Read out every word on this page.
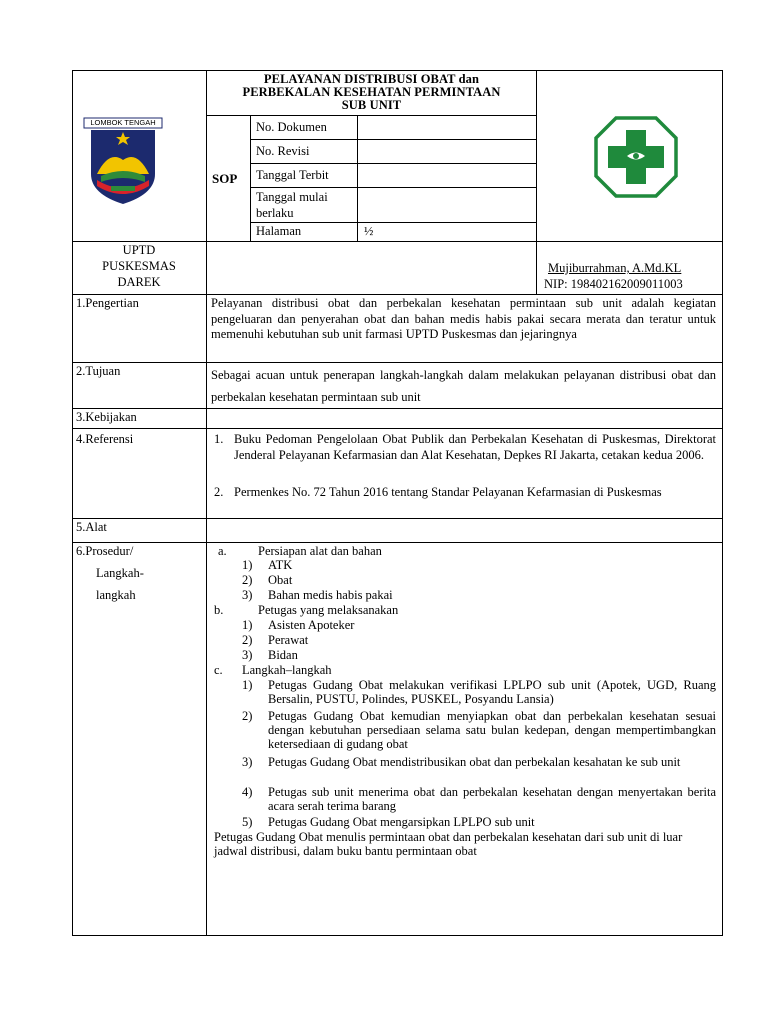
LOMBOK TENGAH
PELAYANAN DISTRIBUSI OBAT dan
PERBEKALAN KESEHATAN PERMINTAAN
SUB UNIT
SOP
No. Dokumen
No. Revisi
Tanggal Terbit
Tanggal mulai berlaku
Halaman	½
UPTD
PUSKESMAS
DAREK
Mujiburrahman, A.Md.KL
NIP: 198402162009011003
1.Pengertian	Pelayanan distribusi obat dan perbekalan kesehatan permintaan sub unit adalah kegiatan pengeluaran dan penyerahan obat dan bahan medis habis pakai secara merata dan teratur untuk memenuhi kebutuhan sub unit farmasi UPTD Puskesmas dan jejaringnya
2.Tujuan	Sebagai acuan untuk penerapan langkah-langkah dalam melakukan pelayanan distribusi obat dan perbekalan kesehatan permintaan sub unit
3.Kebijakan
4.Referensi	1. Buku Pedoman Pengelolaan Obat Publik dan Perbekalan Kesehatan di Puskesmas, Direktorat Jenderal Pelayanan Kefarmasian dan Alat Kesehatan, Depkes RI Jakarta, cetakan kedua 2006.
2. Permenkes No. 72 Tahun 2016 tentang Standar Pelayanan Kefarmasian di Puskesmas
5.Alat
6.Prosedur/
Langkah-
langkah
a.	Persiapan alat dan bahan
1) ATK
2) Obat
3) Bahan medis habis pakai
b.	Petugas yang melaksanakan
1) Asisten Apoteker
2) Perawat
3) Bidan
c. Langkah–langkah
1) Petugas Gudang Obat melakukan verifikasi LPLPO sub unit (Apotek, UGD, Ruang Bersalin, PUSTU, Polindes, PUSKEL, Posyandu Lansia)
2) Petugas Gudang Obat kemudian menyiapkan obat dan perbekalan kesehatan sesuai dengan kebutuhan persediaan selama satu bulan kedepan, dengan mempertimbangkan ketersediaan di gudang obat
3) Petugas Gudang Obat mendistribusikan obat dan perbekalan kesahatan ke sub unit
4) Petugas sub unit menerima obat dan perbekalan kesehatan dengan menyertakan berita acara serah terima barang
5) Petugas Gudang Obat mengarsipkan LPLPO sub unit
Petugas Gudang Obat menulis permintaan obat dan perbekalan kesehatan dari sub unit di luar jadwal distribusi, dalam buku bantu permintaan obat
